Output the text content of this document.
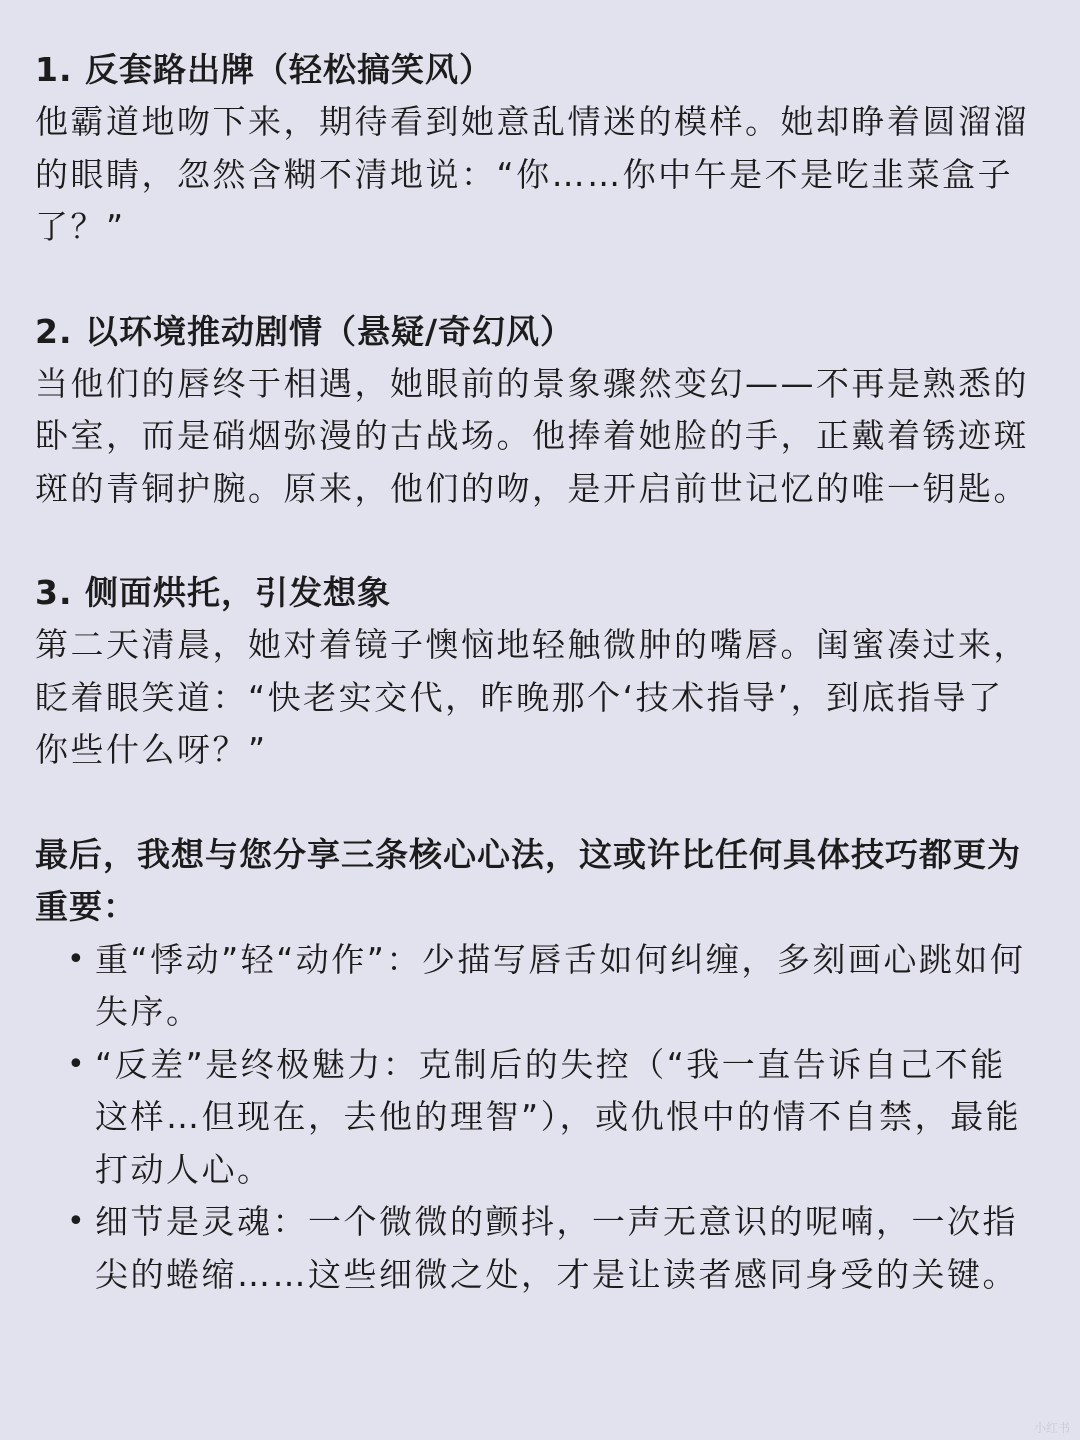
1. 反套路出牌（轻松搞笑风）

他霸道地吻下来，期待看到她意乱情迷的模样。她却睁着圆溜溜的眼睛，忽然含糊不清地说：“你……你中午是不是吃韭菜盒子了？”

2. 以环境推动剧情（悬疑/奇幻风）

当他们的唇终于相遇，她眼前的景象骤然变幻——不再是熟悉的卧室，而是硝烟弥漫的古战场。他捧着她脸的手，正戴着锈迹斑斑的青铜护腕。原来，他们的吻，是开启前世记忆的唯一钥匙。

3. 侧面烘托，引发想象

第二天清晨，她对着镜子懊恼地轻触微肿的嘴唇。闺蜜凑过来，眨着眼笑道：“快老实交代，昨晚那个‘技术指导’，到底指导了你些什么呀？”

最后，我想与您分享三条核心心法，这或许比任何具体技巧都更为重要：

• 重“悸动”轻“动作”：少描写唇舌如何纠缠，多刻画心跳如何失序。
• “反差”是终极魅力：克制后的失控（“我一直告诉自己不能这样…但现在，去他的理智”），或仇恨中的情不自禁，最能打动人心。
• 细节是灵魂：一个微微的颤抖，一声无意识的呢喃，一次指尖的蜷缩……这些细微之处，才是让读者感同身受的关键。
小红书
